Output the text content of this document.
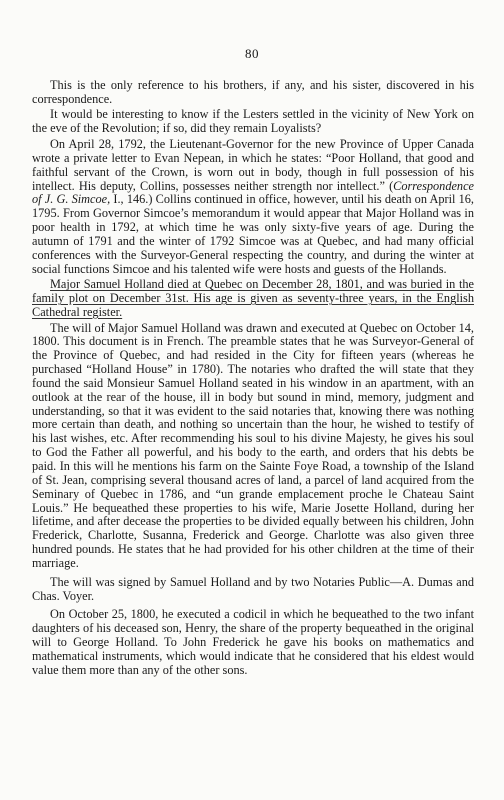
80

This is the only reference to his brothers, if any, and his sister, discovered in his correspondence.

It would be interesting to know if the Lesters settled in the vicinity of New York on the eve of the Revolution; if so, did they remain Loyalists?

On April 28, 1792, the Lieutenant-Governor for the new Province of Upper Canada wrote a private letter to Evan Nepean, in which he states: “Poor Holland, that good and faithful servant of the Crown, is worn out in body, though in full possession of his intellect. His deputy, Collins, possesses neither strength nor intellect.” (Correspondence of J. G. Simcoe, I., 146.) Collins continued in office, however, until his death on April 16, 1795. From Governor Simcoe’s memorandum it would appear that Major Holland was in poor health in 1792, at which time he was only sixty-five years of age. During the autumn of 1791 and the winter of 1792 Simcoe was at Quebec, and had many official conferences with the Surveyor-General respecting the country, and during the winter at social functions Simcoe and his talented wife were hosts and guests of the Hollands.

Major Samuel Holland died at Quebec on December 28, 1801, and was buried in the family plot on December 31st. His age is given as seventy-three years, in the English Cathedral register.

The will of Major Samuel Holland was drawn and executed at Quebec on October 14, 1800. This document is in French. The preamble states that he was Surveyor-General of the Province of Quebec, and had resided in the City for fifteen years (whereas he purchased “Holland House” in 1780). The notaries who drafted the will state that they found the said Monsieur Samuel Holland seated in his window in an apartment, with an outlook at the rear of the house, ill in body but sound in mind, memory, judgment and understanding, so that it was evident to the said notaries that, knowing there was nothing more certain than death, and nothing so uncertain than the hour, he wished to testify of his last wishes, etc. After recommending his soul to his divine Majesty, he gives his soul to God the Father all powerful, and his body to the earth, and orders that his debts be paid. In this will he mentions his farm on the Sainte Foye Road, a township of the Island of St. Jean, comprising several thousand acres of land, a parcel of land acquired from the Seminary of Quebec in 1786, and “un grande emplacement proche le Chateau Saint Louis.” He bequeathed these properties to his wife, Marie Josette Holland, during her lifetime, and after decease the properties to be divided equally between his children, John Frederick, Charlotte, Susanna, Frederick and George. Charlotte was also given three hundred pounds. He states that he had provided for his other children at the time of their marriage.

The will was signed by Samuel Holland and by two Notaries Public—A. Dumas and Chas. Voyer.

On October 25, 1800, he executed a codicil in which he bequeathed to the two infant daughters of his deceased son, Henry, the share of the property bequeathed in the original will to George Holland. To John Frederick he gave his books on mathematics and mathematical instruments, which would indicate that he considered that his eldest would value them more than any of the other sons.
